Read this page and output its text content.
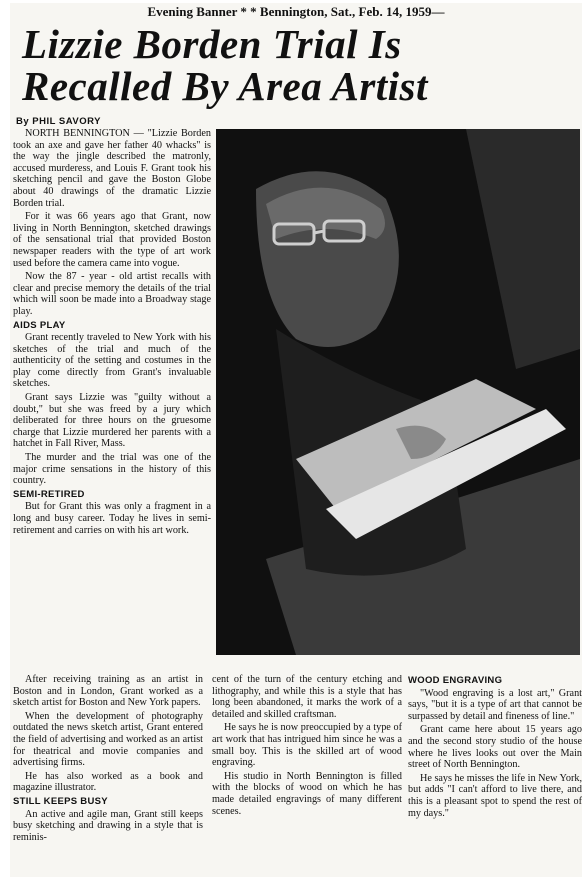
Evening Banner * * Bennington, Sat., Feb. 14, 1959—
Lizzie Borden Trial Is
Recalled By Area Artist
By PHIL SAVORY

NORTH BENNINGTON — "Lizzie Borden took an axe and gave her father 40 whacks" is the way the jingle described the matronly, accused murderess, and Louis F. Grant took his sketching pencil and gave the Boston Globe about 40 drawings of the dramatic Lizzie Borden trial.

For it was 66 years ago that Grant, now living in North Bennington, sketched drawings of the sensational trial that provided Boston newspaper readers with the type of art work used before the camera came into vogue.

Now the 87 - year - old artist recalls with clear and precise memory the details of the trial which will soon be made into a Broadway stage play.

AIDS PLAY

Grant recently traveled to New York with his sketches of the trial and much of the authenticity of the setting and costumes in the play come directly from Grant's invaluable sketches.

Grant says Lizzie was "guilty without a doubt," but she was freed by a jury which deliberated for three hours on the gruesome charge that Lizzie murdered her parents with a hatchet in Fall River, Mass.

The murder and the trial was one of the major crime sensations in the history of this country.

SEMI-RETIRED

But for Grant this was only a fragment in a long and busy career. Today he lives in semi-retirement and carries on with his art work.

After receiving training as an artist in Boston and in London, Grant worked as a sketch artist for Boston and New York papers.

When the development of photography outdated the news sketch artist, Grant entered the field of advertising and worked as an artist for theatrical and movie companies and advertising firms.

He has also worked as a book and magazine illustrator.

STILL KEEPS BUSY

An active and agile man, Grant still keeps busy sketching and drawing in a style that is reminis-

cent of the turn of the century etching and lithography, and while this is a style that has long been abandoned, it marks the work of a detailed and skilled craftsman.

He says he is now preoccupied by a type of art work that has intrigued him since he was a small boy. This is the skilled art of wood engraving.

His studio in North Bennington is filled with the blocks of wood on which he has made detailed engravings of many different scenes.

WOOD ENGRAVING

"Wood engraving is a lost art," Grant says, "but it is a type of art that cannot be surpassed by detail and fineness of line."

Grant came here about 15 years ago and the second story studio of the house where he lives looks out over the Main street of North Bennington.

He says he misses the life in New York, but adds "I can't afford to live there, and this is a pleasant spot to spend the rest of my days."
